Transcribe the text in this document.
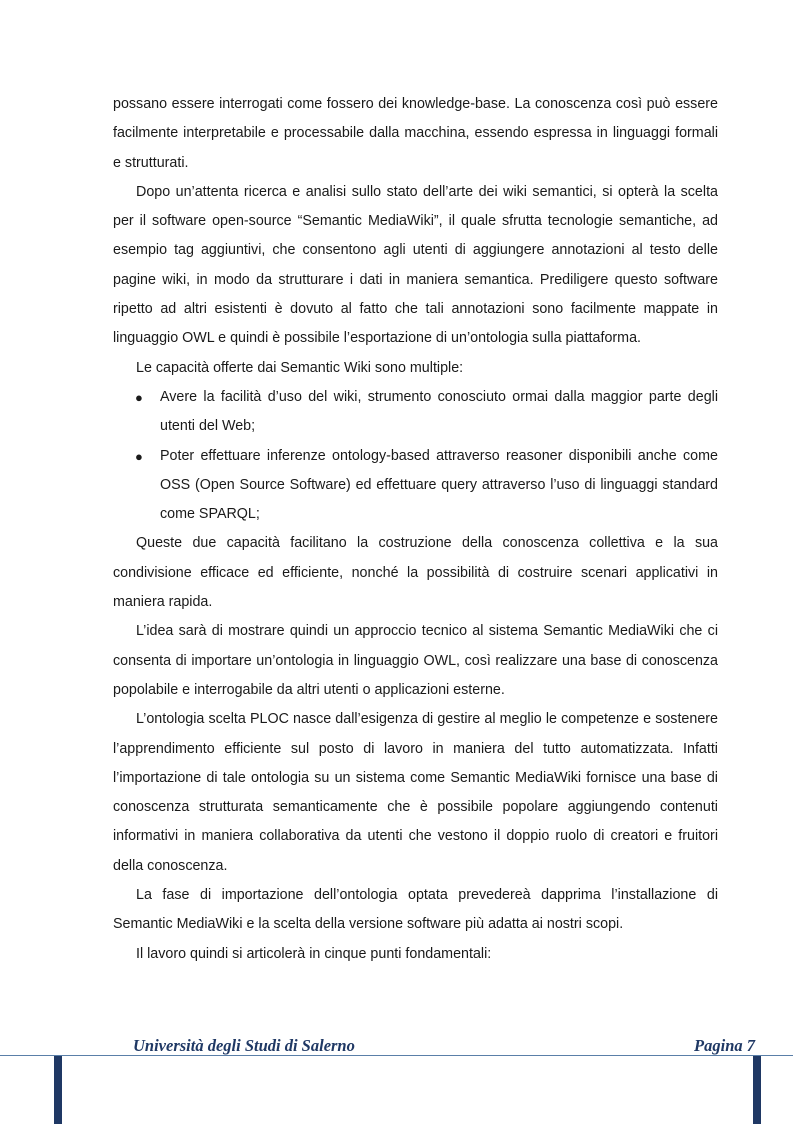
possano essere interrogati come fossero dei knowledge-base. La conoscenza così può essere facilmente interpretabile e processabile dalla macchina, essendo espressa in linguaggi formali e strutturati.

Dopo un’attenta ricerca e analisi sullo stato dell’arte dei wiki semantici, si opterà la scelta per il software open-source “Semantic MediaWiki”, il quale sfrutta tecnologie semantiche, ad esempio tag aggiuntivi, che consentono agli utenti di aggiungere annotazioni al testo delle pagine wiki, in modo da strutturare i dati in maniera semantica. Prediligere questo software ripetto ad altri esistenti è dovuto al fatto che tali annotazioni sono facilmente mappate in linguaggio OWL e quindi è possibile l’esportazione di un’ontologia sulla piattaforma.

Le capacità offerte dai Semantic Wiki sono multiple:

● Avere la facilità d’uso del wiki, strumento conosciuto ormai dalla maggior parte degli utenti del Web;
● Poter effettuare inferenze ontology-based attraverso reasoner disponibili anche come OSS (Open Source Software) ed effettuare query attraverso l’uso di linguaggi standard come SPARQL;

Queste due capacità facilitano la costruzione della conoscenza collettiva e la sua condivisione efficace ed efficiente, nonché la possibilità di costruire scenari applicativi in maniera rapida.

L’idea sarà di mostrare quindi un approccio tecnico al sistema Semantic MediaWiki che ci consenta di importare un’ontologia in linguaggio OWL, così realizzare una base di conoscenza popolabile e interrogabile da altri utenti o applicazioni esterne.

L’ontologia scelta PLOC nasce dall’esigenza di gestire al meglio le competenze e sostenere l’apprendimento efficiente sul posto di lavoro in maniera del tutto automatizzata. Infatti l’importazione di tale ontologia su un sistema come Semantic MediaWiki fornisce una base di conoscenza strutturata semanticamente che è possibile popolare aggiungendo contenuti informativi in maniera collaborativa da utenti che vestono il doppio ruolo di creatori e fruitori della conoscenza.

La fase di importazione dell’ontologia optata prevedereà dapprima l’installazione di Semantic MediaWiki e la scelta della versione software più adatta ai nostri scopi.

Il lavoro quindi si articolerà in cinque punti fondamentali:

Università degli Studi di Salerno	Pagina 7
